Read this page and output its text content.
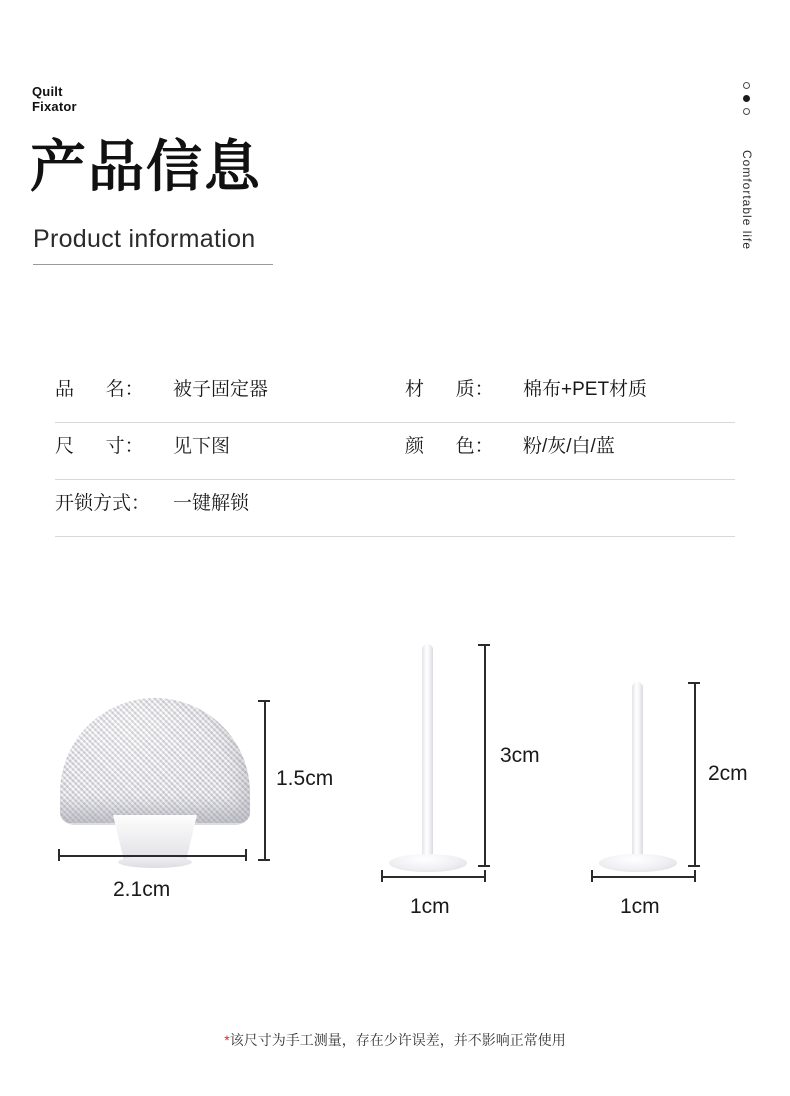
Quilt
Fixator
产品信息
Product information	Comfortable life
品      名：	被子固定器	材      质：	棉布+PET材质
尺      寸：	见下图	颜      色：	粉/灰/白/蓝
开锁方式：	一键解锁
1.5cm
2.1cm
3cm
1cm
2cm
1cm
*该尺寸为手工测量，存在少许误差，并不影响正常使用
